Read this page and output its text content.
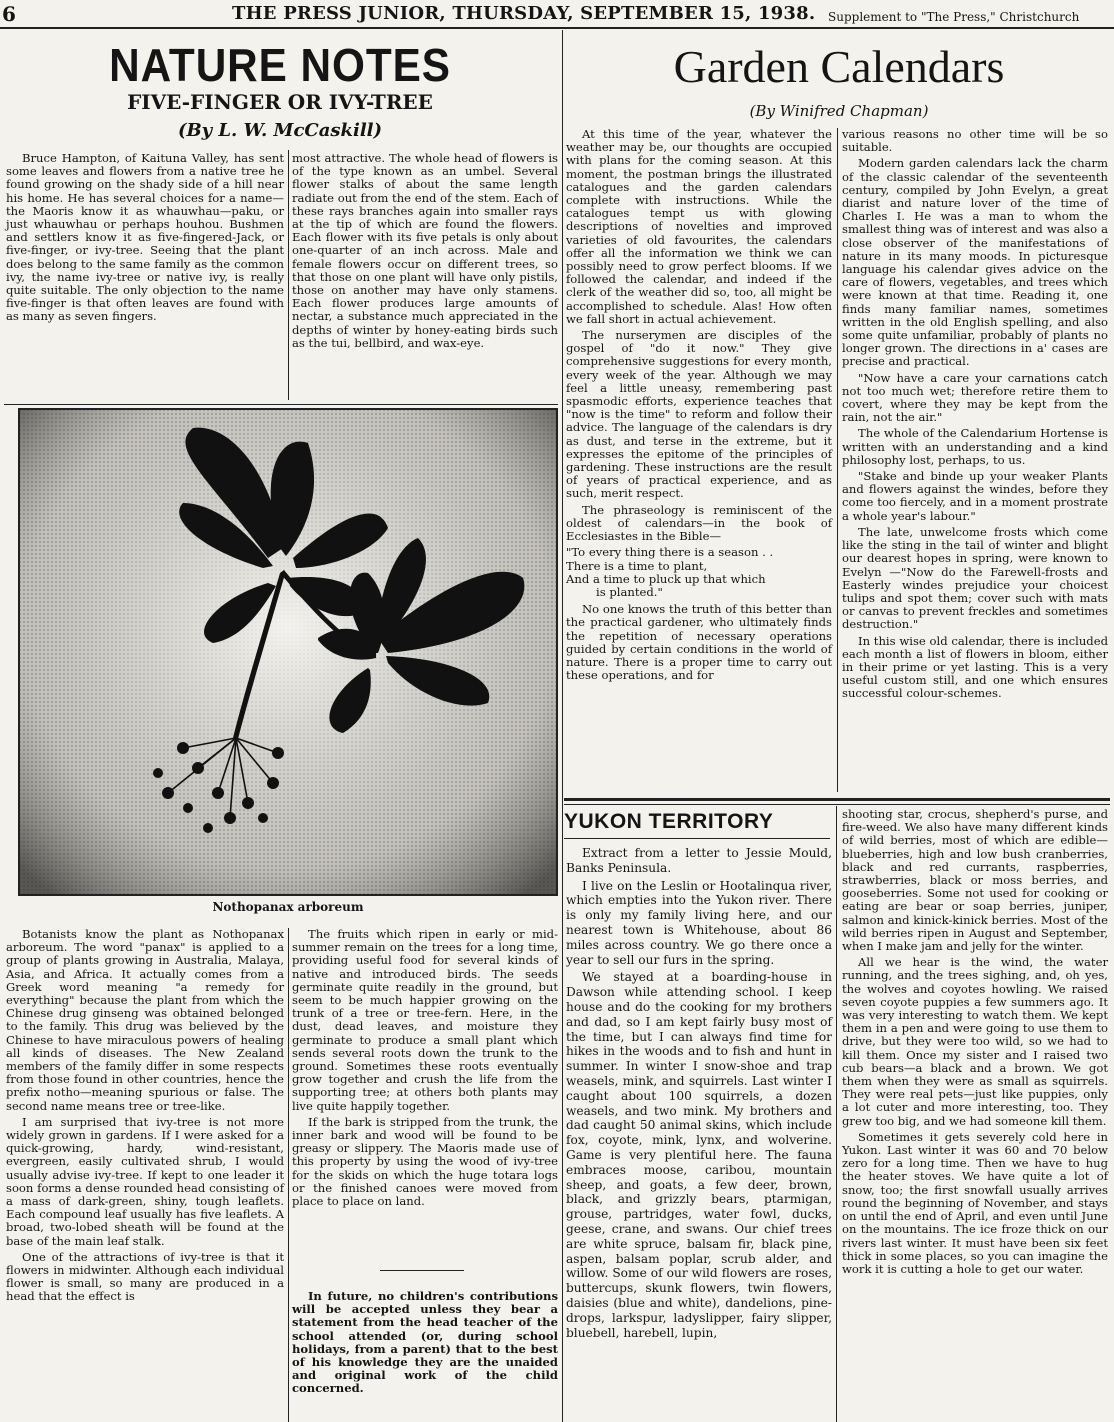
6	THE PRESS JUNIOR, THURSDAY, SEPTEMBER 15, 1938. Supplement to "The Press," Christchurch
NATURE NOTES
FIVE-FINGER OR IVY-TREE
(By L. W. McCaskill)
Garden Calendars
(By Winifred Chapman)

Bruce Hampton, of Kaituna Valley, has sent some leaves and flowers from a native tree he found growing on the shady side of a hill near his home. He has several choices for a name—the Maoris know it as whauwhau—paku, or just whauwhau or perhaps houhou. Bushmen and settlers know it as five-fingered-Jack, or five-finger, or ivy-tree. Seeing that the plant does belong to the same family as the common ivy, the name ivy-tree or native ivy, is really quite suitable. The only objection to the name five-finger is that often leaves are found with as many as seven fingers.

most attractive. The whole head of flowers is of the type known as an umbel. Several flower stalks of about the same length radiate out from the end of the stem. Each of these rays branches again into smaller rays at the tip of which are found the flowers. Each flower with its five petals is only about one-quarter of an inch across. Male and female flowers occur on different trees, so that those on one plant will have only pistils, those on another may have only stamens. Each flower produces large amounts of nectar, a substance much appreciated in the depths of winter by honey-eating birds such as the tui, bellbird, and wax-eye.

Nothopanax arboreum

Botanists know the plant as Nothopanax arboreum. The word "panax" is applied to a group of plants growing in Australia, Malaya, Asia, and Africa. It actually comes from a Greek word meaning "a remedy for everything" because the plant from which the Chinese drug ginseng was obtained belonged to the family. This drug was believed by the Chinese to have miraculous powers of healing all kinds of diseases. The New Zealand members of the family differ in some respects from those found in other countries, hence the prefix notho—meaning spurious or false. The second name means tree or tree-like.

I am surprised that ivy-tree is not more widely grown in gardens. If I were asked for a quick-growing, hardy, wind-resistant, evergreen, easily cultivated shrub, I would usually advise ivy-tree. If kept to one leader it soon forms a dense rounded head consisting of a mass of dark-green, shiny, tough leaflets. Each compound leaf usually has five leaflets. A broad, two-lobed sheath will be found at the base of the main leaf stalk.

One of the attractions of ivy-tree is that it flowers in midwinter. Although each individual flower is small, so many are produced in a head that the effect is

The fruits which ripen in early or mid-summer remain on the trees for a long time, providing useful food for several kinds of native and introduced birds. The seeds germinate quite readily in the ground, but seem to be much happier growing on the trunk of a tree or tree-fern. Here, in the dust, dead leaves, and moisture they germinate to produce a small plant which sends several roots down the trunk to the ground. Sometimes these roots eventually grow together and crush the life from the supporting tree; at others both plants may live quite happily together.

If the bark is stripped from the trunk, the inner bark and wood will be found to be greasy or slippery. The Maoris made use of this property by using the wood of ivy-tree for the skids on which the huge totara logs or the finished canoes were moved from place to place on land.

In future, no children's contributions will be accepted unless they bear a statement from the head teacher of the school attended (or, during school holidays, from a parent) that to the best of his knowledge they are the unaided and original work of the child concerned.

At this time of the year, whatever the weather may be, our thoughts are occupied with plans for the coming season. At this moment, the postman brings the illustrated catalogues and the garden calendars complete with instructions. While the catalogues tempt us with glowing descriptions of novelties and improved varieties of old favourites, the calendars offer all the information we think we can possibly need to grow perfect blooms. If we followed the calendar, and indeed if the clerk of the weather did so, too, all might be accomplished to schedule. Alas! How often we fall short in actual achievement.

The nurserymen are disciples of the gospel of "do it now." They give comprehensive suggestions for every month, every week of the year. Although we may feel a little uneasy, remembering past spasmodic efforts, experience teaches that "now is the time" to reform and follow their advice. The language of the calendars is dry as dust, and terse in the extreme, but it expresses the epitome of the principles of gardening. These instructions are the result of years of practical experience, and as such, merit respect.

The phraseology is reminiscent of the oldest of calendars—in the book of Ecclesiastes in the Bible—

"To every thing there is a season . .

There is a time to plant,

And a time to pluck up that which

is planted."

No one knows the truth of this better than the practical gardener, who ultimately finds the repetition of necessary operations guided by certain conditions in the world of nature. There is a proper time to carry out these operations, and for

various reasons no other time will be so suitable.

Modern garden calendars lack the charm of the classic calendar of the seventeenth century, compiled by John Evelyn, a great diarist and nature lover of the time of Charles I. He was a man to whom the smallest thing was of interest and was also a close observer of the manifestations of nature in its many moods. In picturesque language his calendar gives advice on the care of flowers, vegetables, and trees which were known at that time. Reading it, one finds many familiar names, sometimes written in the old English spelling, and also some quite unfamiliar, probably of plants no longer grown. The directions in a' cases are precise and practical.

"Now have a care your carnations catch not too much wet; therefore retire them to covert, where they may be kept from the rain, not the air."

The whole of the Calendarium Hortense is written with an understanding and a kind philosophy lost, perhaps, to us.

"Stake and binde up your weaker Plants and flowers against the windes, before they come too fiercely, and in a moment prostrate a whole year's labour."

The late, unwelcome frosts which come like the sting in the tail of winter and blight our dearest hopes in spring, were known to Evelyn —"Now do the Farewell-frosts and Easterly windes prejudice your choicest tulips and spot them; cover such with mats or canvas to prevent freckles and sometimes destruction."

In this wise old calendar, there is included each month a list of flowers in bloom, either in their prime or yet lasting. This is a very useful custom still, and one which ensures successful colour-schemes.

YUKON TERRITORY

Extract from a letter to Jessie Mould, Banks Peninsula.

I live on the Leslin or Hootalinqua river, which empties into the Yukon river. There is only my family living here, and our nearest town is Whitehouse, about 86 miles across country. We go there once a year to sell our furs in the spring.

We stayed at a boarding-house in Dawson while attending school. I keep house and do the cooking for my brothers and dad, so I am kept fairly busy most of the time, but I can always find time for hikes in the woods and to fish and hunt in summer. In winter I snow-shoe and trap weasels, mink, and squirrels. Last winter I caught about 100 squirrels, a dozen weasels, and two mink. My brothers and dad caught 50 animal skins, which include fox, coyote, mink, lynx, and wolverine. Game is very plentiful here. The fauna embraces moose, caribou, mountain sheep, and goats, a few deer, brown, black, and grizzly bears, ptarmigan, grouse, partridges, water fowl, ducks, geese, crane, and swans. Our chief trees are white spruce, balsam fir, black pine, aspen, balsam poplar, scrub alder, and willow. Some of our wild flowers are roses, buttercups, skunk flowers, twin flowers, daisies (blue and white), dandelions, pine-drops, larkspur, ladyslipper, fairy slipper, bluebell, harebell, lupin,

shooting star, crocus, shepherd's purse, and fire-weed. We also have many different kinds of wild berries, most of which are edible—blueberries, high and low bush cranberries, black and red currants, raspberries, strawberries, black or moss berries, and gooseberries. Some not used for cooking or eating are bear or soap berries, juniper, salmon and kinick-kinick berries. Most of the wild berries ripen in August and September, when I make jam and jelly for the winter.

All we hear is the wind, the water running, and the trees sighing, and, oh yes, the wolves and coyotes howling. We raised seven coyote puppies a few summers ago. It was very interesting to watch them. We kept them in a pen and were going to use them to drive, but they were too wild, so we had to kill them. Once my sister and I raised two cub bears—a black and a brown. We got them when they were as small as squirrels. They were real pets—just like puppies, only a lot cuter and more interesting, too. They grew too big, and we had someone kill them.

Sometimes it gets severely cold here in Yukon. Last winter it was 60 and 70 below zero for a long time. Then we have to hug the heater stoves. We have quite a lot of snow, too; the first snowfall usually arrives round the beginning of November, and stays on until the end of April, and even until June on the mountains. The ice froze thick on our rivers last winter. It must have been six feet thick in some places, so you can imagine the work it is cutting a hole to get our water.
